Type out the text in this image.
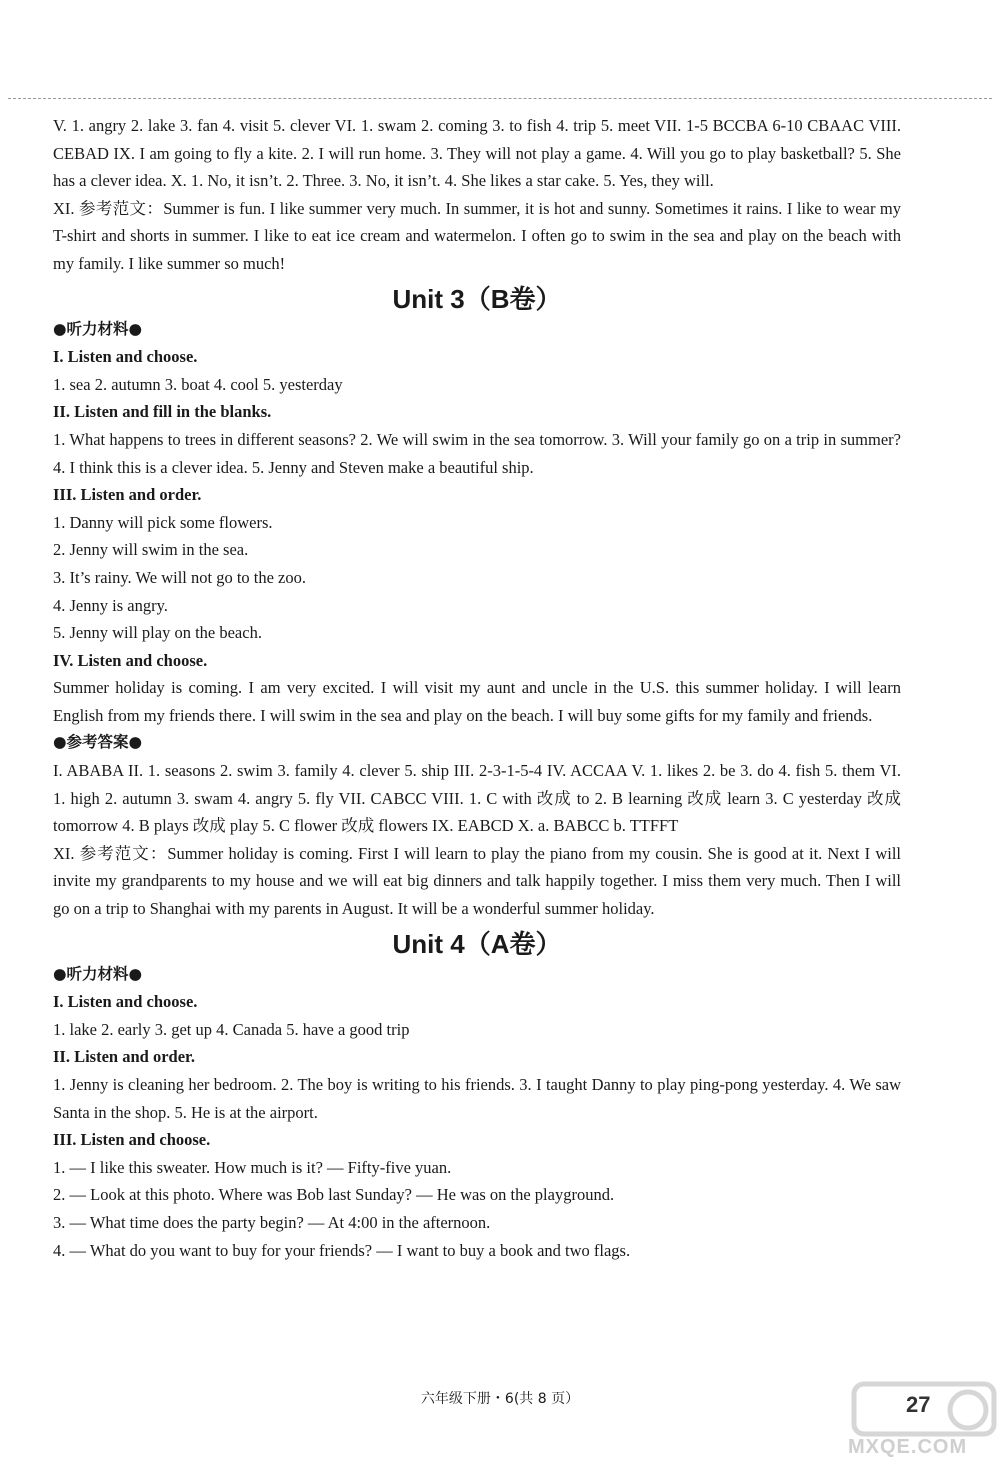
V. 1. angry 2. lake 3. fan 4. visit 5. clever VI. 1. swam 2. coming 3. to fish 4. trip 5. meet VII. 1-5 BCCBA 6-10 CBAAC VIII. CEBAD IX. I am going to fly a kite. 2. I will run home. 3. They will not play a game. 4. Will you go to play basketball? 5. She has a clever idea. X. 1. No, it isn’t. 2. Three. 3. No, it isn’t. 4. She likes a star cake. 5. Yes, they will.

XI. 参考范文：Summer is fun. I like summer very much. In summer, it is hot and sunny. Sometimes it rains. I like to wear my T-shirt and shorts in summer. I like to eat ice cream and watermelon. I often go to swim in the sea and play on the beach with my family. I like summer so much!

Unit 3（B卷）
●听力材料●

I. Listen and choose.

1. sea 2. autumn 3. boat 4. cool 5. yesterday

II. Listen and fill in the blanks.

1. What happens to trees in different seasons? 2. We will swim in the sea tomorrow. 3. Will your family go on a trip in summer? 4. I think this is a clever idea. 5. Jenny and Steven make a beautiful ship.

III. Listen and order.

1. Danny will pick some flowers.

2. Jenny will swim in the sea.

3. It’s rainy. We will not go to the zoo.

4. Jenny is angry.

5. Jenny will play on the beach.

IV. Listen and choose.

Summer holiday is coming. I am very excited. I will visit my aunt and uncle in the U.S. this summer holiday. I will learn English from my friends there. I will swim in the sea and play on the beach. I will buy some gifts for my family and friends.

●参考答案●

I. ABABA II. 1. seasons 2. swim 3. family 4. clever 5. ship III. 2-3-1-5-4 IV. ACCAA V. 1. likes 2. be 3. do 4. fish 5. them VI. 1. high 2. autumn 3. swam 4. angry 5. fly VII. CABCC VIII. 1. C with 改成 to 2. B learning 改成 learn 3. C yesterday 改成 tomorrow 4. B plays 改成 play 5. C flower 改成 flowers IX. EABCD X. a. BABCC b. TTFFT

XI. 参考范文：Summer holiday is coming. First I will learn to play the piano from my cousin. She is good at it. Next I will invite my grandparents to my house and we will eat big dinners and talk happily together. I miss them very much. Then I will go on a trip to Shanghai with my parents in August. It will be a wonderful summer holiday.

Unit 4（A卷）
●听力材料●

I. Listen and choose.

1. lake 2. early 3. get up 4. Canada 5. have a good trip

II. Listen and order.

1. Jenny is cleaning her bedroom. 2. The boy is writing to his friends. 3. I taught Danny to play ping-pong yesterday. 4. We saw Santa in the shop. 5. He is at the airport.

III. Listen and choose.

1. — I like this sweater. How much is it? — Fifty-five yuan.

2. — Look at this photo. Where was Bob last Sunday? — He was on the playground.

3. — What time does the party begin? — At 4:00 in the afternoon.

4. — What do you want to buy for your friends? — I want to buy a book and two flags.

六年级下册・6(共 8 页）	27
MXQE.COM
